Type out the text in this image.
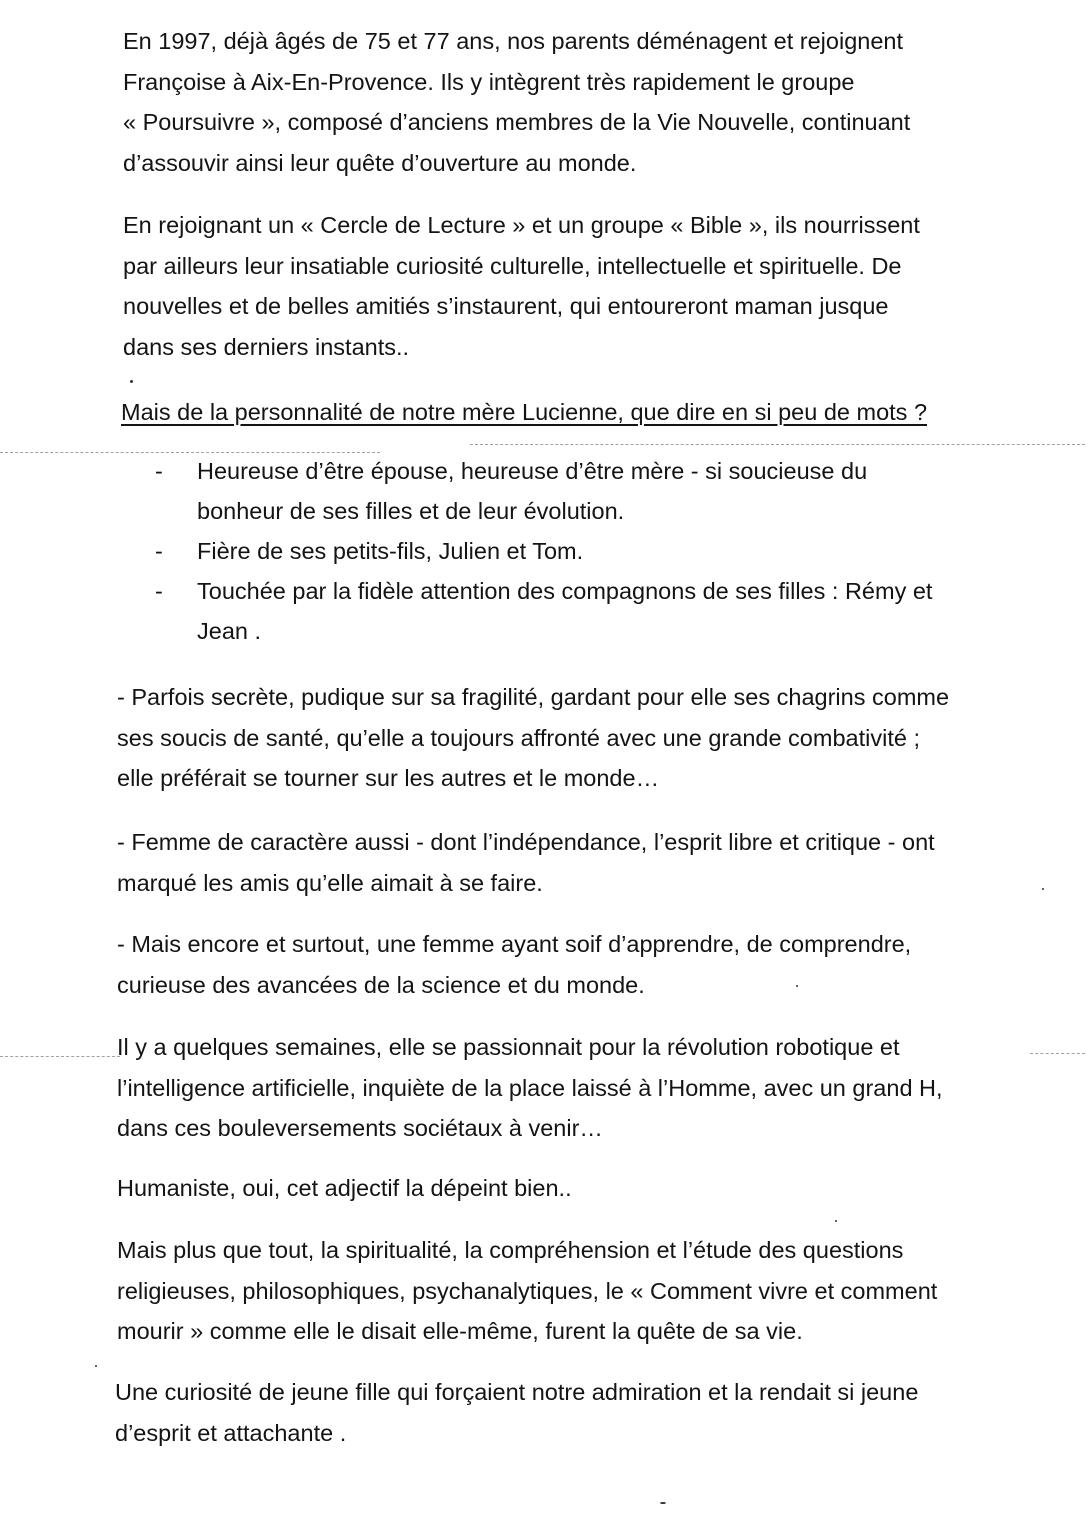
En 1997, déjà âgés de 75 et 77 ans, nos parents déménagent et rejoignent
Françoise à Aix-En-Provence. Ils y intègrent très rapidement le groupe
« Poursuivre », composé d’anciens membres de la Vie Nouvelle, continuant
d’assouvir ainsi leur quête d’ouverture au monde.

En rejoignant un « Cercle de Lecture » et un groupe « Bible », ils nourrissent
par ailleurs leur insatiable curiosité culturelle, intellectuelle et spirituelle. De
nouvelles et de belles amitiés s’instaurent, qui entoureront maman jusque
dans ses derniers instants..

Mais de la personnalité de notre mère Lucienne, que dire en si peu de mots ?

- Heureuse d’être épouse, heureuse d’être mère - si soucieuse du
bonheur de ses filles et de leur évolution.
- Fière de ses petits-fils, Julien et Tom.
- Touchée par la fidèle attention des compagnons de ses filles : Rémy et
Jean .

- Parfois secrète, pudique sur sa fragilité, gardant pour elle ses chagrins comme
ses soucis de santé, qu’elle a toujours affronté avec une grande combativité ;
elle préférait se tourner sur les autres et le monde…

- Femme de caractère aussi - dont l’indépendance, l’esprit libre et critique - ont
marqué les amis qu’elle aimait à se faire.

- Mais encore et surtout, une femme ayant soif d’apprendre, de comprendre,
curieuse des avancées de la science et du monde.

Il y a quelques semaines, elle se passionnait pour la révolution robotique et
l’intelligence artificielle, inquiète de la place laissé à l’Homme, avec un grand H,
dans ces bouleversements sociétaux à venir…

Humaniste, oui, cet adjectif la dépeint bien..

Mais plus que tout, la spiritualité, la compréhension et l’étude des questions
religieuses, philosophiques, psychanalytiques, le « Comment vivre et comment
mourir » comme elle le disait elle-même, furent la quête de sa vie.

Une curiosité de jeune fille qui forçaient notre admiration et la rendait si jeune
d’esprit et attachante .
